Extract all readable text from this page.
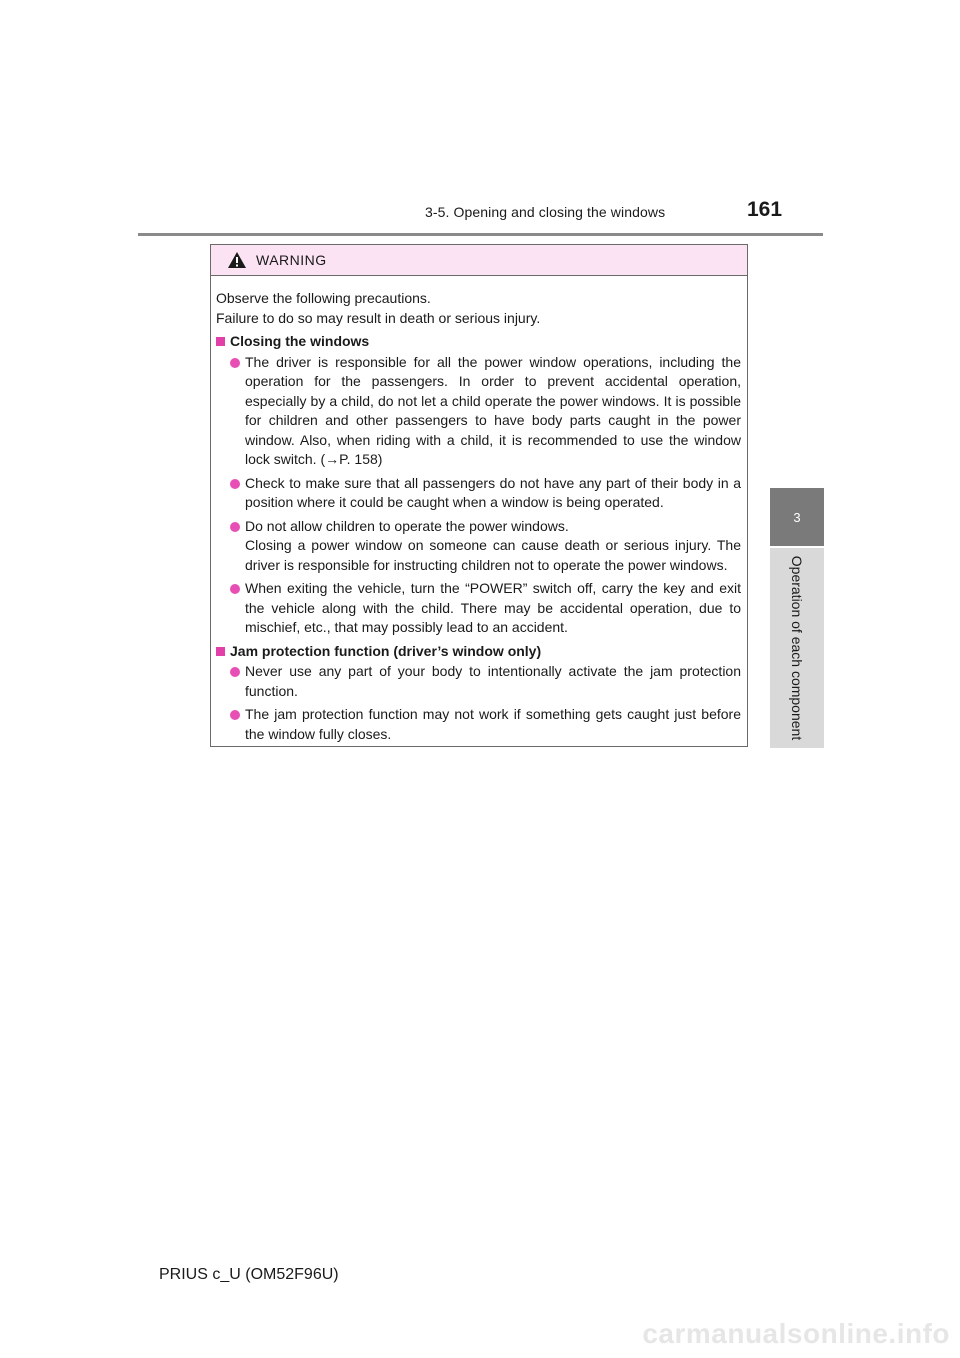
3-5. Opening and closing the windows	161
3
Operation of each component
WARNING

Observe the following precautions.

Failure to do so may result in death or serious injury.

Closing the windows

The driver is responsible for all the power window operations, including the operation for the passengers. In order to prevent accidental operation, especially by a child, do not let a child operate the power windows. It is possible for children and other passengers to have body parts caught in the power window. Also, when riding with a child, it is recommended to use the window lock switch. (→P. 158)

Check to make sure that all passengers do not have any part of their body in a position where it could be caught when a window is being operated.

Do not allow children to operate the power windows.

Closing a power window on someone can cause death or serious injury. The driver is responsible for instructing children not to operate the power windows.

When exiting the vehicle, turn the “POWER” switch off, carry the key and exit the vehicle along with the child. There may be accidental operation, due to mischief, etc., that may possibly lead to an accident.

Jam protection function (driver’s window only)

Never use any part of your body to intentionally activate the jam protection function.

The jam protection function may not work if something gets caught just before the window fully closes.

PRIUS c_U (OM52F96U)
carmanualsonline.info
